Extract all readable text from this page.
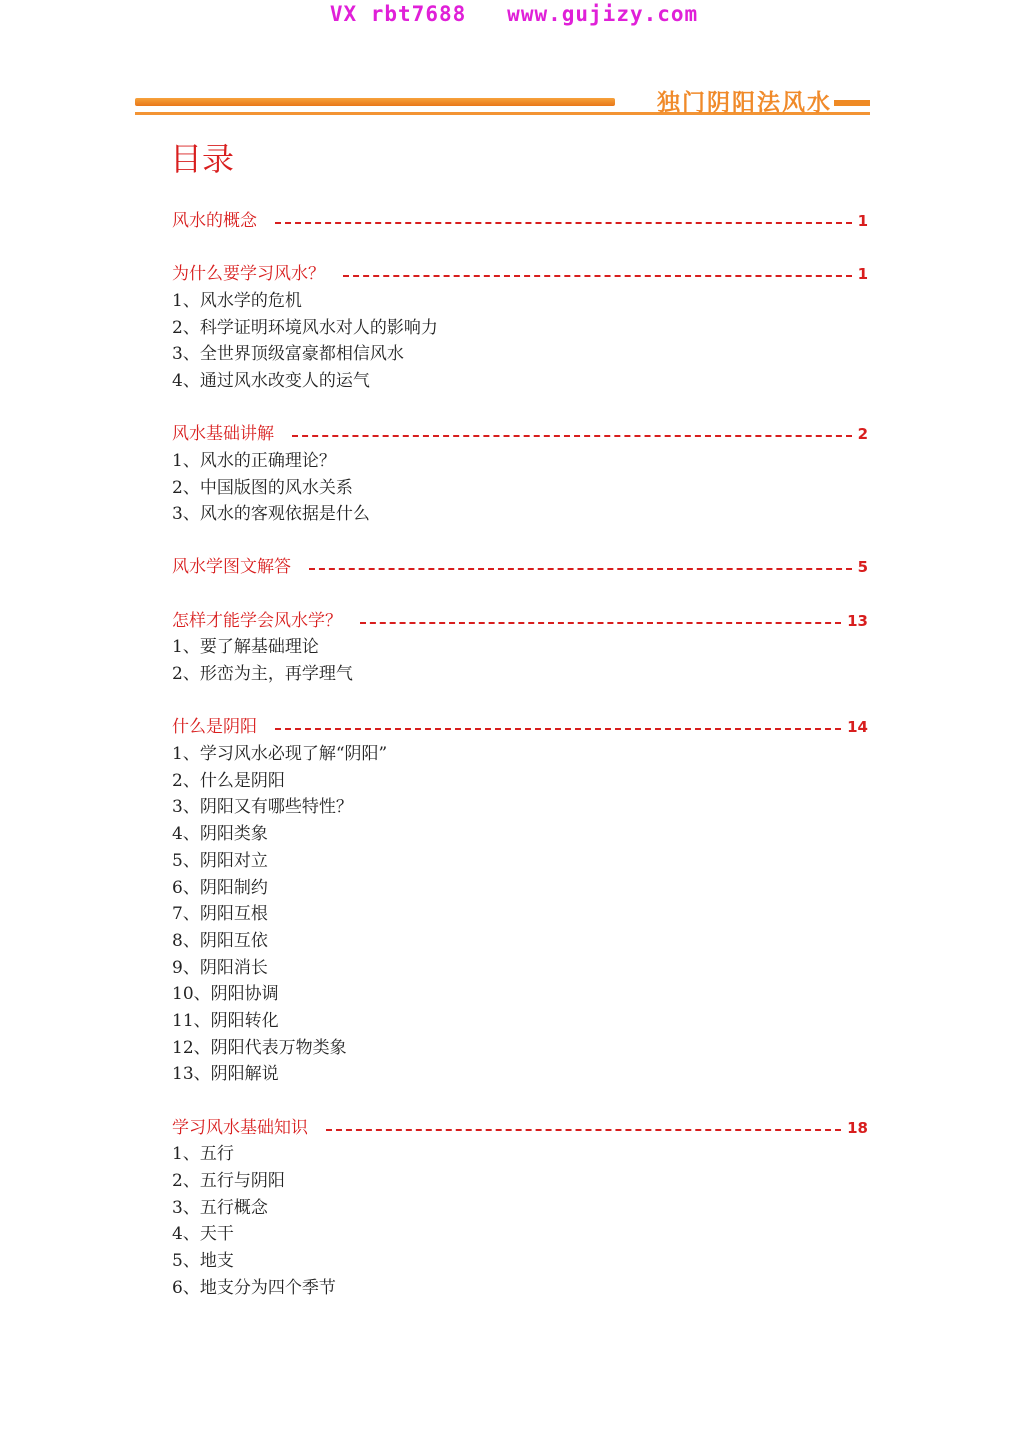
VX rbt7688   www.gujizy.com
独门阴阳法风水
目录
风水的概念	1
为什么要学习风水？	1
1、风水学的危机
2、科学证明环境风水对人的影响力
3、全世界顶级富豪都相信风水
4、通过风水改变人的运气
风水基础讲解	2
1、风水的正确理论？
2、中国版图的风水关系
3、风水的客观依据是什么
风水学图文解答	5
怎样才能学会风水学？	13
1、要了解基础理论
2、形峦为主，再学理气
什么是阴阳	14
1、学习风水必现了解“阴阳”
2、什么是阴阳
3、阴阳又有哪些特性？
4、阴阳类象
5、阴阳对立
6、阴阳制约
7、阴阳互根
8、阴阳互依
9、阴阳消长
10、阴阳协调
11、阴阳转化
12、阴阳代表万物类象
13、阴阳解说
学习风水基础知识	18
1、五行
2、五行与阴阳
3、五行概念
4、天干
5、地支
6、地支分为四个季节
